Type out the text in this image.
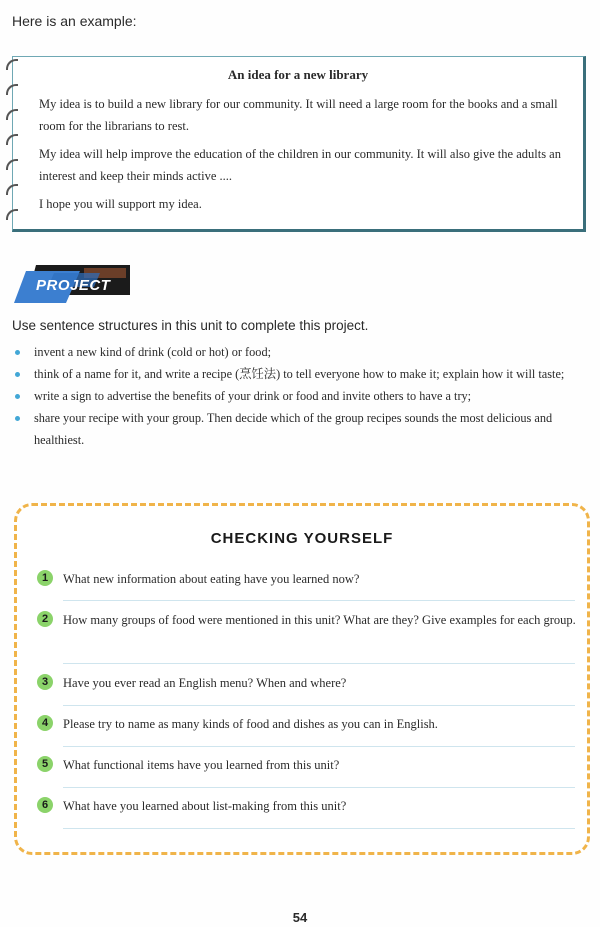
Here is an example:
An idea for a new library
My idea is to build a new library for our community. It will need a large room for the books and a small room for the librarians to rest.
My idea will help improve the education of the children in our community. It will also give the adults an interest and keep their minds active ....
I hope you will support my idea.
PROJECT
Use sentence structures in this unit to complete this project.
invent a new kind of drink (cold or hot) or food;
think of a name for it, and write a recipe (烹饪法) to tell everyone how to make it; explain how it will taste;
write a sign to advertise the benefits of your drink or food and invite others to have a try;
share your recipe with your group. Then decide which of the group recipes sounds the most delicious and healthiest.
CHECKING YOURSELF
1	What new information about eating have you learned now?
2	How many groups of food were mentioned in this unit? What are they? Give examples for each group.
3	Have you ever read an English menu? When and where?
4	Please try to name as many kinds of food and dishes as you can in English.
5	What functional items have you learned from this unit?
6	What have you learned about list-making from this unit?
54
